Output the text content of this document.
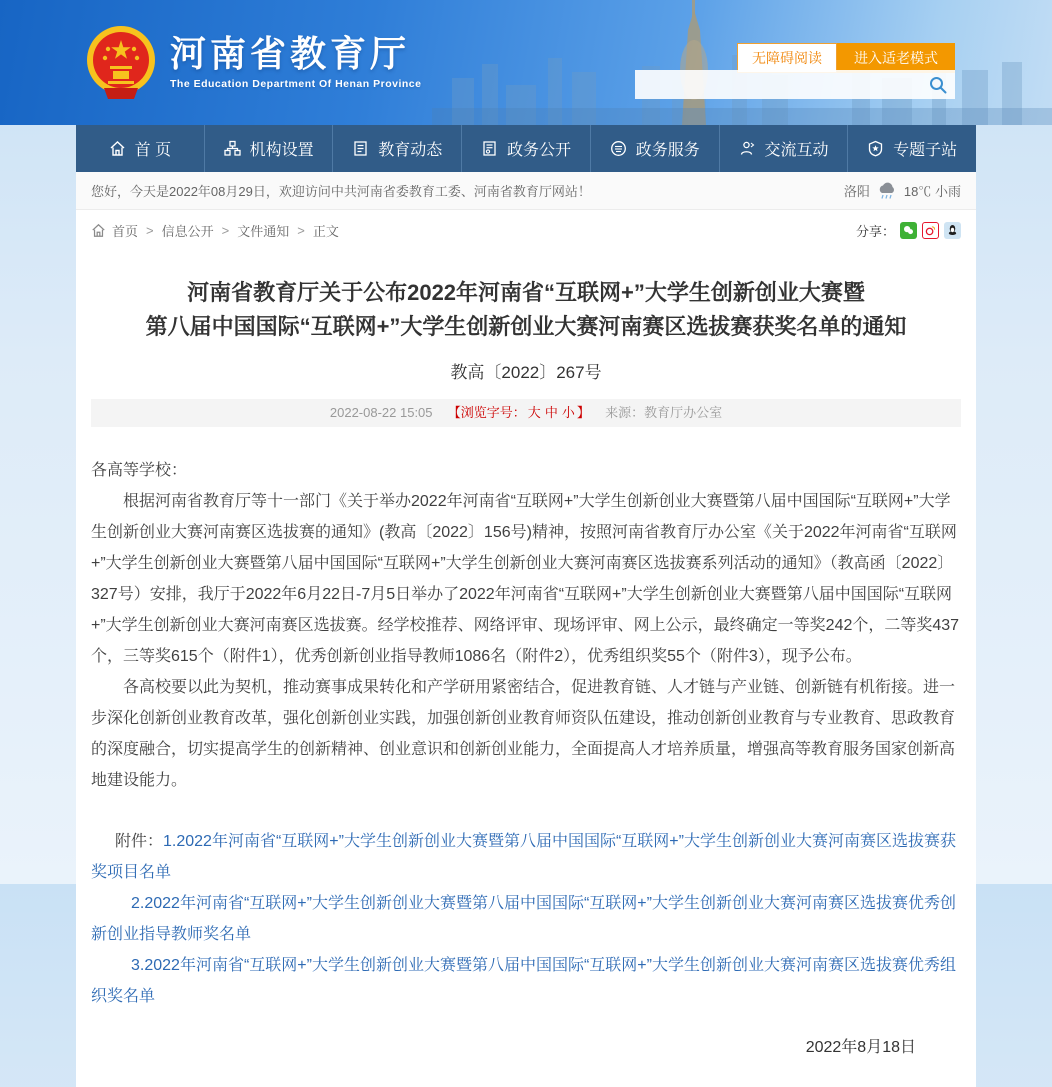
河南省教育厅
The Education Department Of Henan Province
无障碍阅读	进入适老模式
首 页	机构设置	教育动态	政务公开	政务服务	交流互动	专题子站
您好，今天是2022年08月29日，欢迎访问中共河南省委教育工委、河南省教育厅网站！	洛阳	18℃ 小雨
首页 > 信息公开 > 文件通知 > 正文	分享：
河南省教育厅关于公布2022年河南省“互联网+”大学生创新创业大赛暨
第八届中国国际“互联网+”大学生创新创业大赛河南赛区选拔赛获奖名单的通知
教高〔2022〕267号
2022-08-22 15:05 【浏览字号： 大 中 小 】 来源：教育厅办公室

各高等学校：

根据河南省教育厅等十一部门《关于举办2022年河南省“互联网+”大学生创新创业大赛暨第八届中国国际“互联网+”大学生创新创业大赛河南赛区选拔赛的通知》(教高〔2022〕156号)精神，按照河南省教育厅办公室《关于2022年河南省“互联网+”大学生创新创业大赛暨第八届中国国际“互联网+”大学生创新创业大赛河南赛区选拔赛系列活动的通知》（教高函〔2022〕327号）安排，我厅于2022年6月22日-7月5日举办了2022年河南省“互联网+”大学生创新创业大赛暨第八届中国国际“互联网+”大学生创新创业大赛河南赛区选拔赛。经学校推荐、网络评审、现场评审、网上公示，最终确定一等奖242个，二等奖437个，三等奖615个（附件1），优秀创新创业指导教师1086名（附件2），优秀组织奖55个（附件3），现予公布。

各高校要以此为契机，推动赛事成果转化和产学研用紧密结合，促进教育链、人才链与产业链、创新链有机衔接。进一步深化创新创业教育改革，强化创新创业实践，加强创新创业教育师资队伍建设，推动创新创业教育与专业教育、思政教育的深度融合，切实提高学生的创新精神、创业意识和创新创业能力，全面提高人才培养质量，增强高等教育服务国家创新高地建设能力。

附件：1.2022年河南省“互联网+”大学生创新创业大赛暨第八届中国国际“互联网+”大学生创新创业大赛河南赛区选拔赛获奖项目名单

2.2022年河南省“互联网+”大学生创新创业大赛暨第八届中国国际“互联网+”大学生创新创业大赛河南赛区选拔赛优秀创新创业指导教师奖名单

3.2022年河南省“互联网+”大学生创新创业大赛暨第八届中国国际“互联网+”大学生创新创业大赛河南赛区选拔赛优秀组织奖名单

2022年8月18日
